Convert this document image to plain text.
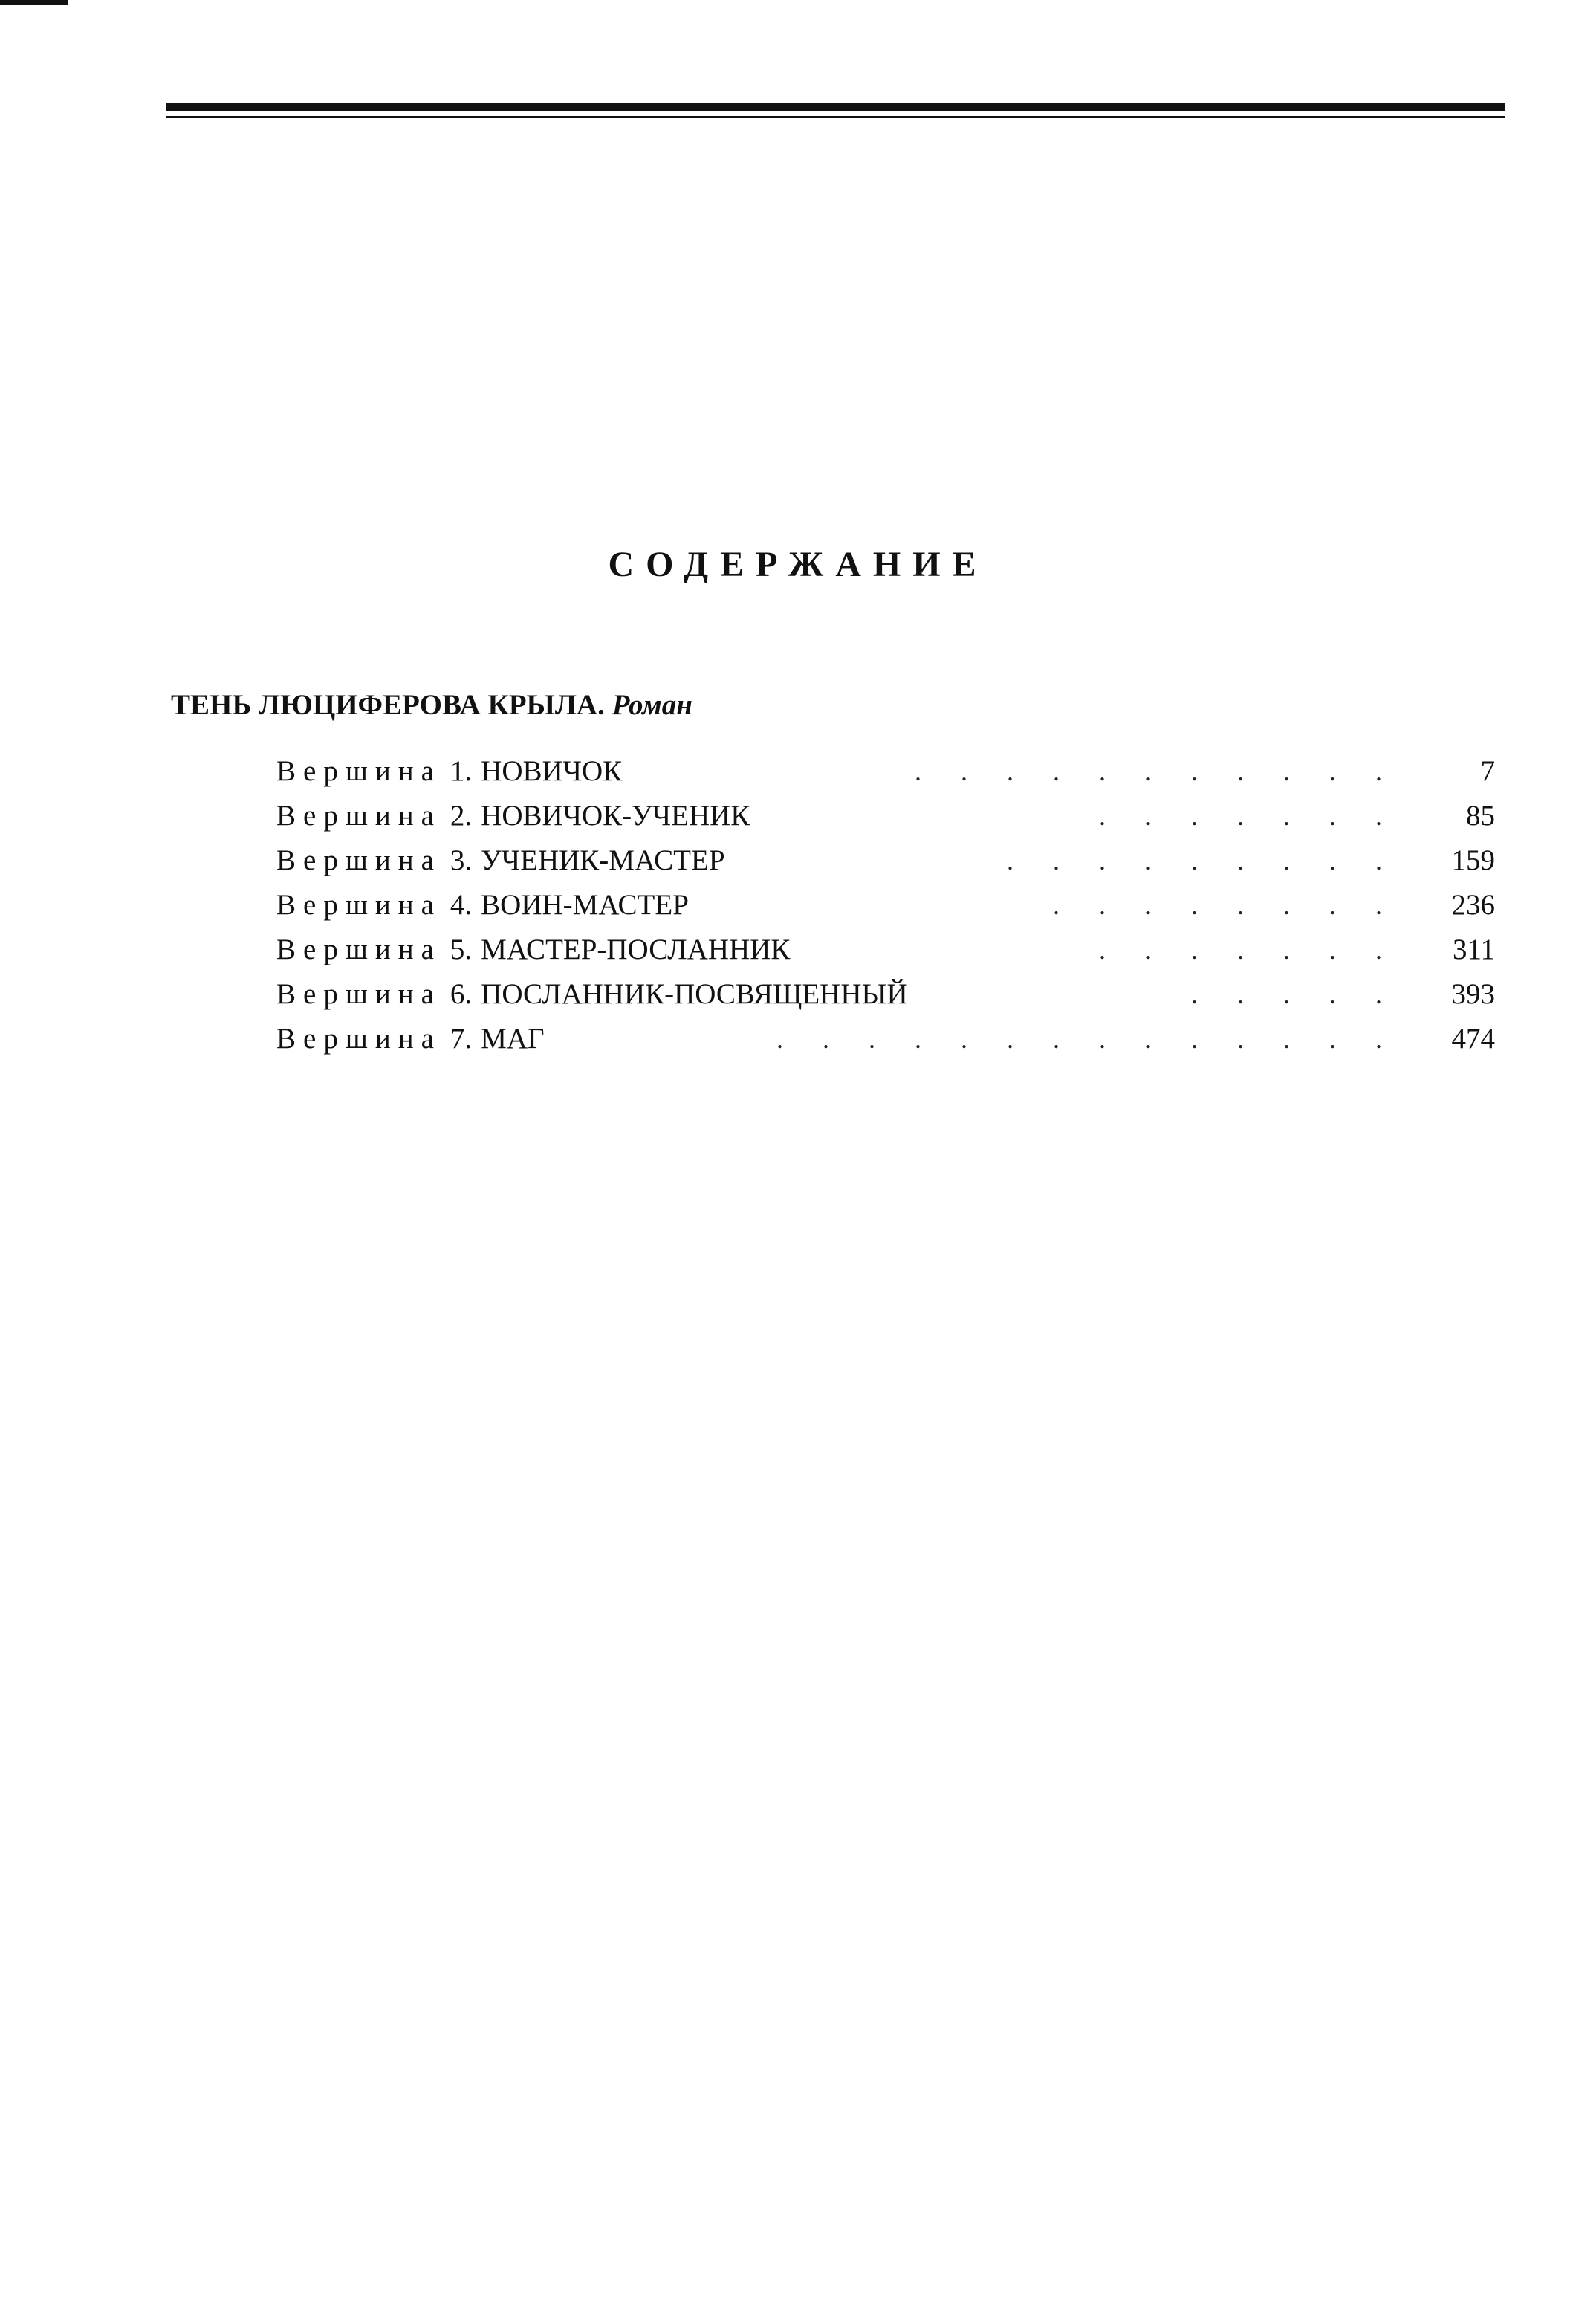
СОДЕРЖАНИЕ
ТЕНЬ ЛЮЦИФЕРОВА КРЫЛА. Роман
Вершина 1. НОВИЧОК	. . . . . . . . . . .	7
Вершина 2. НОВИЧОК-УЧЕНИК	. . . . . . . 85
Вершина 3. УЧЕНИК-МАСТЕР	. . . . . . . . . 159
Вершина 4. ВОИН-МАСТЕР	. . . . . . . . 236
Вершина 5. МАСТЕР-ПОСЛАННИК	. . . . . . . 311
Вершина 6. ПОСЛАННИК-ПОСВЯЩЕННЫЙ	. . . . . 393
Вершина 7. МАГ	. . . . . . . . . . . . . . 474
